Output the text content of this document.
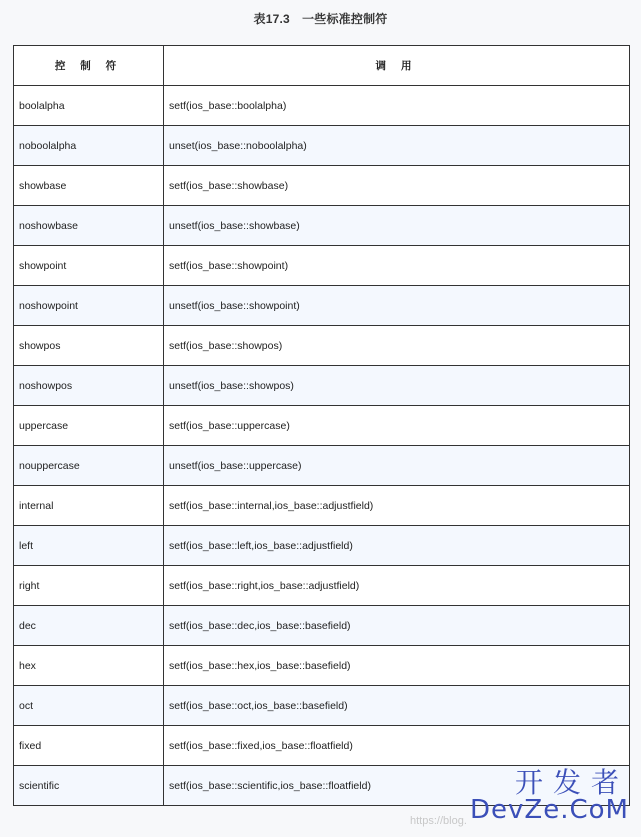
表17.3　一些标准控制符
控 制 符	调 用
boolalpha	setf(ios_base::boolalpha)
noboolalpha	unset(ios_base::noboolalpha)
showbase	setf(ios_base::showbase)
noshowbase	unsetf(ios_base::showbase)
showpoint	setf(ios_base::showpoint)
noshowpoint	unsetf(ios_base::showpoint)
showpos	setf(ios_base::showpos)
noshowpos	unsetf(ios_base::showpos)
uppercase	setf(ios_base::uppercase)
nouppercase	unsetf(ios_base::uppercase)
internal	setf(ios_base::internal,ios_base::adjustfield)
left	setf(ios_base::left,ios_base::adjustfield)
right	setf(ios_base::right,ios_base::adjustfield)
dec	setf(ios_base::dec,ios_base::basefield)
hex	setf(ios_base::hex,ios_base::basefield)
oct	setf(ios_base::oct,ios_base::basefield)
fixed	setf(ios_base::fixed,ios_base::floatfield)
scientific	setf(ios_base::scientific,ios_base::floatfield)
https://blog.
开发者
DevZe.CoM
